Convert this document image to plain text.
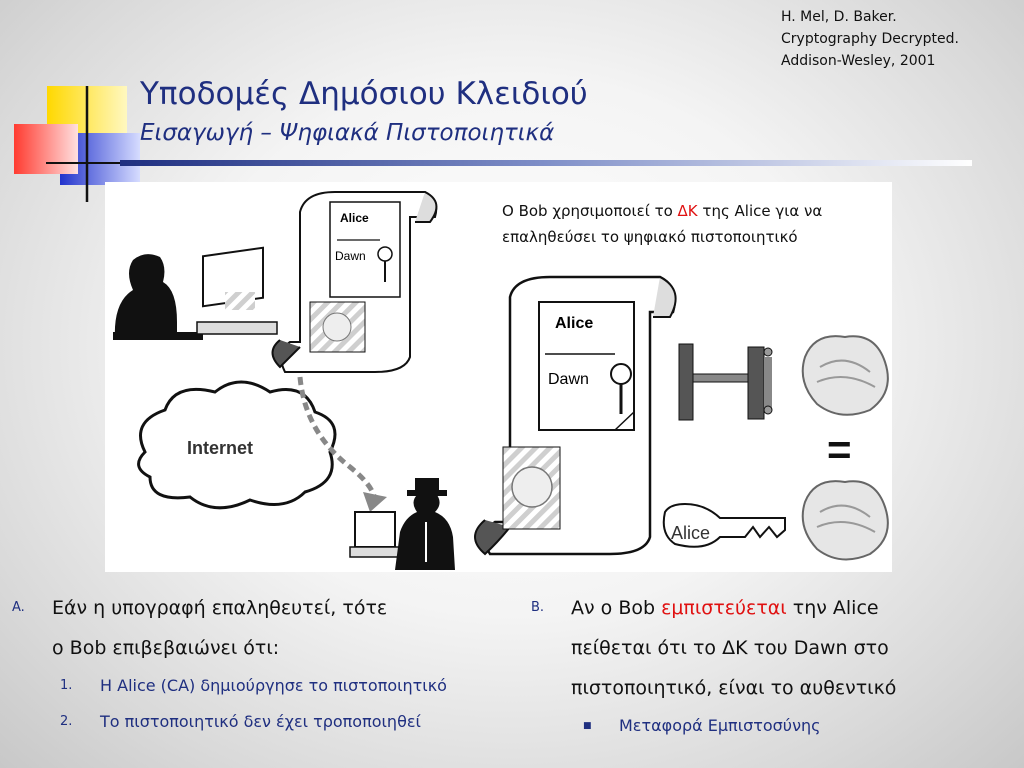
H. Mel, D. Baker.
Cryptography Decrypted.
Addison-Wesley, 2001
Υποδομές Δημόσιου Κλειδιού
Εισαγωγή – Ψηφιακά Πιστοποιητικά
Alice
Dawn
Internet
Alice
Dawn
=
Alice
Ο Bob χρησιμοποιεί το ΔΚ της Alice για να επαληθεύσει το ψηφιακό πιστοποιητικό
A. Εάν η υπογραφή επαληθευτεί, τότε
ο Bob επιβεβαιώνει ότι:
1. Η Alice (CA) δημιούργησε το πιστοποιητικό
2. Το πιστοποιητικό δεν έχει τροποποιηθεί
B. Αν ο Bob εμπιστεύεται την Alice
πείθεται ότι το ΔΚ του Dawn στο
πιστοποιητικό, είναι το αυθεντικό
■ Μεταφορά Εμπιστοσύνης
